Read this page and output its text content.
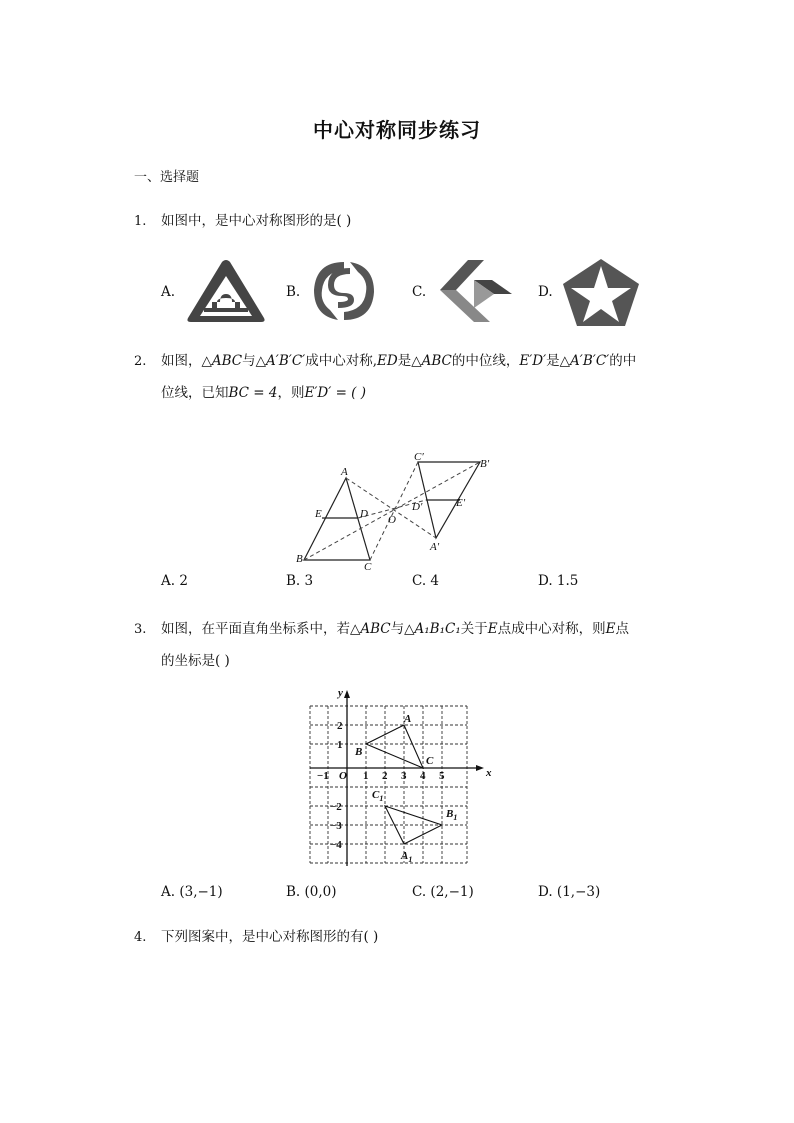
中心对称同步练习
一、选择题
1. 如图中，是中心对称图形的是( )
A.	B.	C.	D.
2. 如图，△ABC与△A′B′C′成中心对称,ED是△ABC的中位线，E′D′是△A′B′C′的中
位线，已知BC = 4，则E′D′ = ( )
A
B
C
D
E	O
A′
B′
C′
D′	E′
A. 2	B. 3	C. 4	D. 1.5
3. 如图，在平面直角坐标系中，若△ABC与△A₁B₁C₁关于E点成中心对称，则E点
的坐标是( )
x
y
O
−1	1 2 3 4 5
2
1
−2
−3
−4
A
B
C
$A_1$
$B_1$
$C_1$
A. (3,−1)	B. (0,0)	C. (2,−1)	D. (1,−3)
4. 下列图案中，是中心对称图形的有( )
